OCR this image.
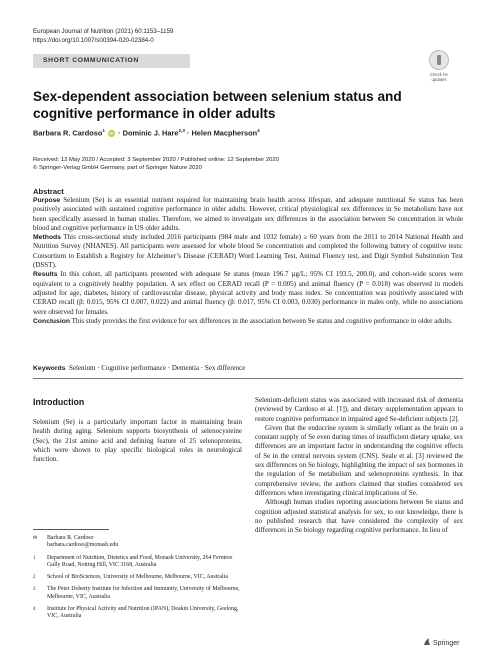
European Journal of Nutrition (2021) 60:1153–1159
https://doi.org/10.1007/s00394-020-02384-0
SHORT COMMUNICATION
Check for
updates
Sex-dependent association between selenium status and cognitive performance in older adults
Barbara R. Cardoso$^1$ iD · Dominic J. Hare$^{2,3}$ · Helen Macpherson$^4$
Received: 12 May 2020 / Accepted: 3 September 2020 / Published online: 12 September 2020
© Springer-Verlag GmbH Germany, part of Springer Nature 2020
Abstract

Purpose Selenium (Se) is an essential nutrient required for maintaining brain health across lifespan, and adequate nutritional Se status has been positively associated with sustained cognitive performance in older adults. However, critical physiological sex differences in Se metabolism have not been specifically assessed in human studies. Therefore, we aimed to investigate sex differences in the association between Se concentration in whole blood and cognitive performance in US older adults.

Methods This cross-sectional study included 2016 participants (984 male and 1032 female) ≥ 60 years from the 2011 to 2014 National Health and Nutrition Survey (NHANES). All participants were assessed for whole blood Se concentration and completed the following battery of cognitive tests: Consortium to Establish a Registry for Alzheimer’s Disease (CERAD) Word Learning Test, Animal Fluency test, and Digit Symbol Substitution Test (DSST).

Results In this cohort, all participants presented with adequate Se status (mean 196.7 µg/L; 95% CI 193.5, 200.0), and cohort-wide scores were equivalent to a cognitively healthy population. A sex effect on CERAD recall (P = 0.005) and animal fluency (P = 0.018) was observed in models adjusted for age, diabetes, history of cardiovascular disease, physical activity and body mass index. Se concentration was positively associated with CERAD recall (β: 0.015, 95% CI 0.007, 0.022) and animal fluency (β: 0.017, 95% CI 0.003, 0.030) performance in males only, while no associations were observed for females.

Conclusion This study provides the first evidence for sex differences in the association between Se status and cognitive performance in older adults.

Keywords Selenium · Cognitive performance · Dementia · Sex difference
Introduction

Selenium (Se) is a particularly important factor in maintaining brain health during aging. Selenium supports biosynthesis of selenocysteine (Sec), the 21st amino acid and defining feature of 25 selenoproteins, which were shown to play specific biological roles in neurological function.

✉ Barbara R. Cardoso
barbara.cardoso@monash.edu
1 Department of Nutrition, Dietetics and Food, Monash University, 264 Ferntree Gully Road, Notting Hill, VIC 3168, Australia
2 School of BioSciences, University of Melbourne, Melbourne, VIC, Australia
3 The Peter Doherty Institute for Infection and Immunity, University of Melbourne, Melbourne, VIC, Australia
4 Institute for Physical Activity and Nutrition (IPAN), Deakin University, Geelong, VIC, Australia

Selenium-deficient status was associated with increased risk of dementia (reviewed by Cardoso et al. [1]), and dietary supplementation appears to restore cognitive performance in impaired aged Se-deficient subjects [2].

Given that the endocrine system is similarly reliant as the brain on a constant supply of Se even during times of insufficient dietary uptake, sex differences are an important factor in understanding the cognitive effects of Se in the central nervous system (CNS). Seale et al. [3] reviewed the sex differences on Se biology, highlighting the impact of sex hormones in the regulation of Se metabolism and selenoproteins synthesis. In that comprehensive review, the authors claimed that studies considered sex differences when investigating clinical implications of Se.

Although human studies reporting associations between Se status and cognition adjusted statistical analysis for sex, to our knowledge, there is no published research that have considered the complexity of sex differences in Se biology regarding cognitive performance. In lieu of

Springer
